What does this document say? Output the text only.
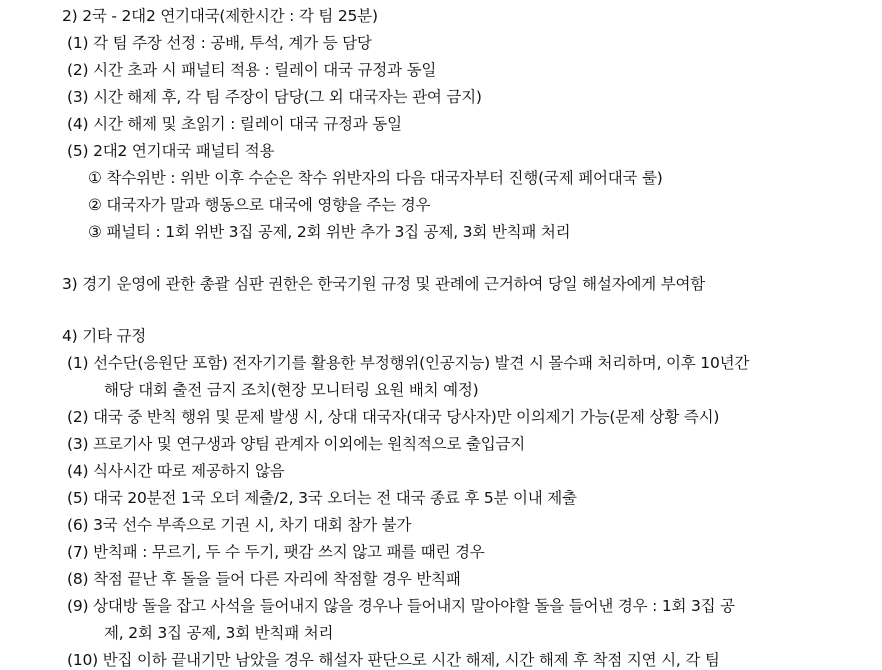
2) 2국 - 2대2 연기대국(제한시간 : 각 팀 25분)
(1) 각 팀 주장 선정 : 공배, 투석, 계가 등 담당
(2) 시간 초과 시 패널티 적용 : 릴레이 대국 규정과 동일
(3) 시간 해제 후, 각 팀 주장이 담당(그 외 대국자는 관여 금지)
(4) 시간 해제 및 초읽기 : 릴레이 대국 규정과 동일
(5) 2대2 연기대국 패널티 적용
① 착수위반 : 위반 이후 수순은 착수 위반자의 다음 대국자부터 진행(국제 페어대국 룰)
② 대국자가 말과 행동으로 대국에 영향을 주는 경우
③ 패널티 : 1회 위반 3집 공제, 2회 위반 추가 3집 공제, 3회 반칙패 처리
3) 경기 운영에 관한 총괄 심판 권한은 한국기원 규정 및 관례에 근거하여 당일 해설자에게 부여함
4) 기타 규정
(1) 선수단(응원단 포함) 전자기기를 활용한 부정행위(인공지능) 발견 시 몰수패 처리하며, 이후 10년간
해당 대회 출전 금지 조치(현장 모니터링 요원 배치 예정)
(2) 대국 중 반칙 행위 및 문제 발생 시, 상대 대국자(대국 당사자)만 이의제기 가능(문제 상황 즉시)
(3) 프로기사 및 연구생과 양팀 관계자 이외에는 원칙적으로 출입금지
(4) 식사시간 따로 제공하지 않음
(5) 대국 20분전 1국 오더 제출/2, 3국 오더는 전 대국 종료 후 5분 이내 제출
(6) 3국 선수 부족으로 기권 시, 차기 대회 참가 불가
(7) 반칙패 : 무르기, 두 수 두기, 팻감 쓰지 않고 패를 때린 경우
(8) 착점 끝난 후 돌을 들어 다른 자리에 착점할 경우 반칙패
(9) 상대방 돌을 잡고 사석을 들어내지 않을 경우나 들어내지 말아야할 돌을 들어낸 경우 : 1회 3집 공
제, 2회 3집 공제, 3회 반칙패 처리
(10) 반집 이하 끝내기만 남았을 경우 해설자 판단으로 시간 해제, 시간 해제 후 착점 지연 시, 각 팀
